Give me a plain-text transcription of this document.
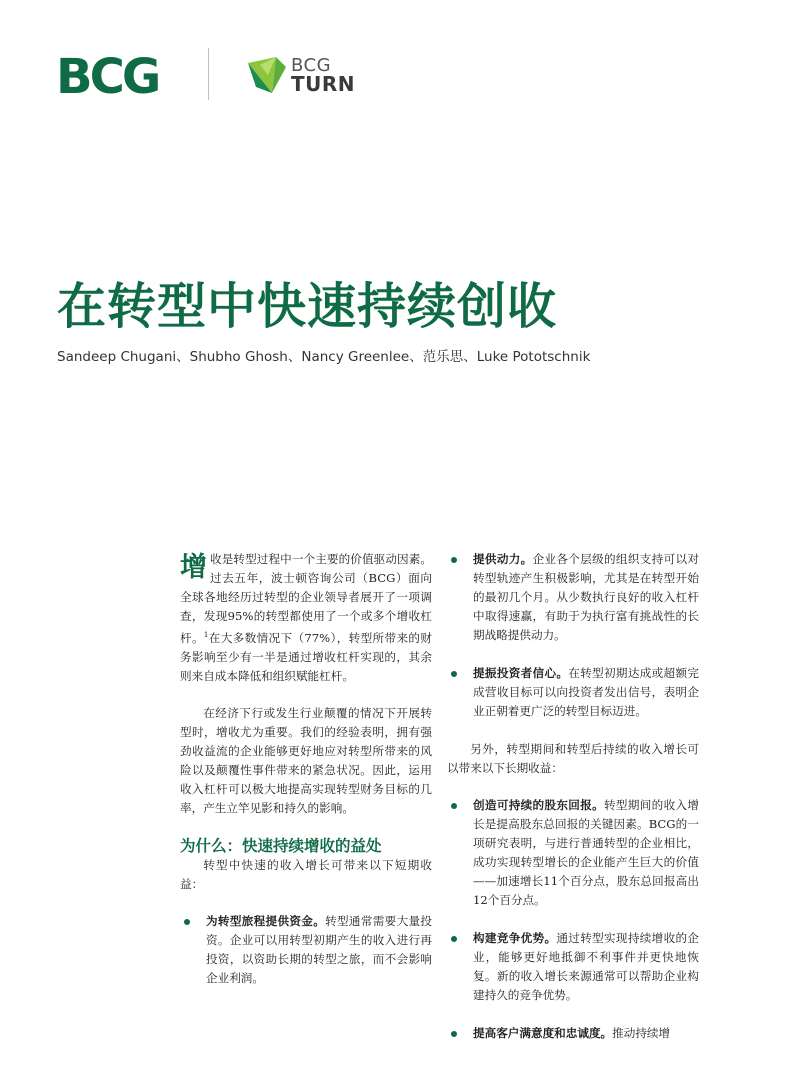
BCG	BCG
TURN
在转型中快速持续创收
Sandeep Chugani、Shubho Ghosh、Nancy Greenlee、范乐思、Luke Pototschnik
增收是转型过程中一个主要的价值驱动因素。过去五年，波士顿咨询公司（BCG）面向全球各地经历过转型的企业领导者展开了一项调查，发现95%的转型都使用了一个或多个增收杠杆。$^1$在大多数情况下（77%），转型所带来的财务影响至少有一半是通过增收杠杆实现的，其余则来自成本降低和组织赋能杠杆。
在经济下行或发生行业颠覆的情况下开展转型时，增收尤为重要。我们的经验表明，拥有强劲收益流的企业能够更好地应对转型所带来的风险以及颠覆性事件带来的紧急状况。因此，运用收入杠杆可以极大地提高实现转型财务目标的几率，产生立竿见影和持久的影响。
为什么：快速持续增收的益处
转型中快速的收入增长可带来以下短期收益：
为转型旅程提供资金。转型通常需要大量投资。企业可以用转型初期产生的收入进行再投资，以资助长期的转型之旅，而不会影响企业利润。
提供动力。企业各个层级的组织支持可以对转型轨迹产生积极影响，尤其是在转型开始的最初几个月。从少数执行良好的收入杠杆中取得速赢，有助于为执行富有挑战性的长期战略提供动力。
提振投资者信心。在转型初期达成或超额完成营收目标可以向投资者发出信号，表明企业正朝着更广泛的转型目标迈进。
另外，转型期间和转型后持续的收入增长可以带来以下长期收益：
创造可持续的股东回报。转型期间的收入增长是提高股东总回报的关键因素。BCG的一项研究表明，与进行普通转型的企业相比，成功实现转型增长的企业能产生巨大的价值——加速增长11个百分点，股东总回报高出12个百分点。
构建竞争优势。通过转型实现持续增收的企业，能够更好地抵御不利事件并更快地恢复。新的收入增长来源通常可以帮助企业构建持久的竞争优势。
提高客户满意度和忠诚度。推动持续增
